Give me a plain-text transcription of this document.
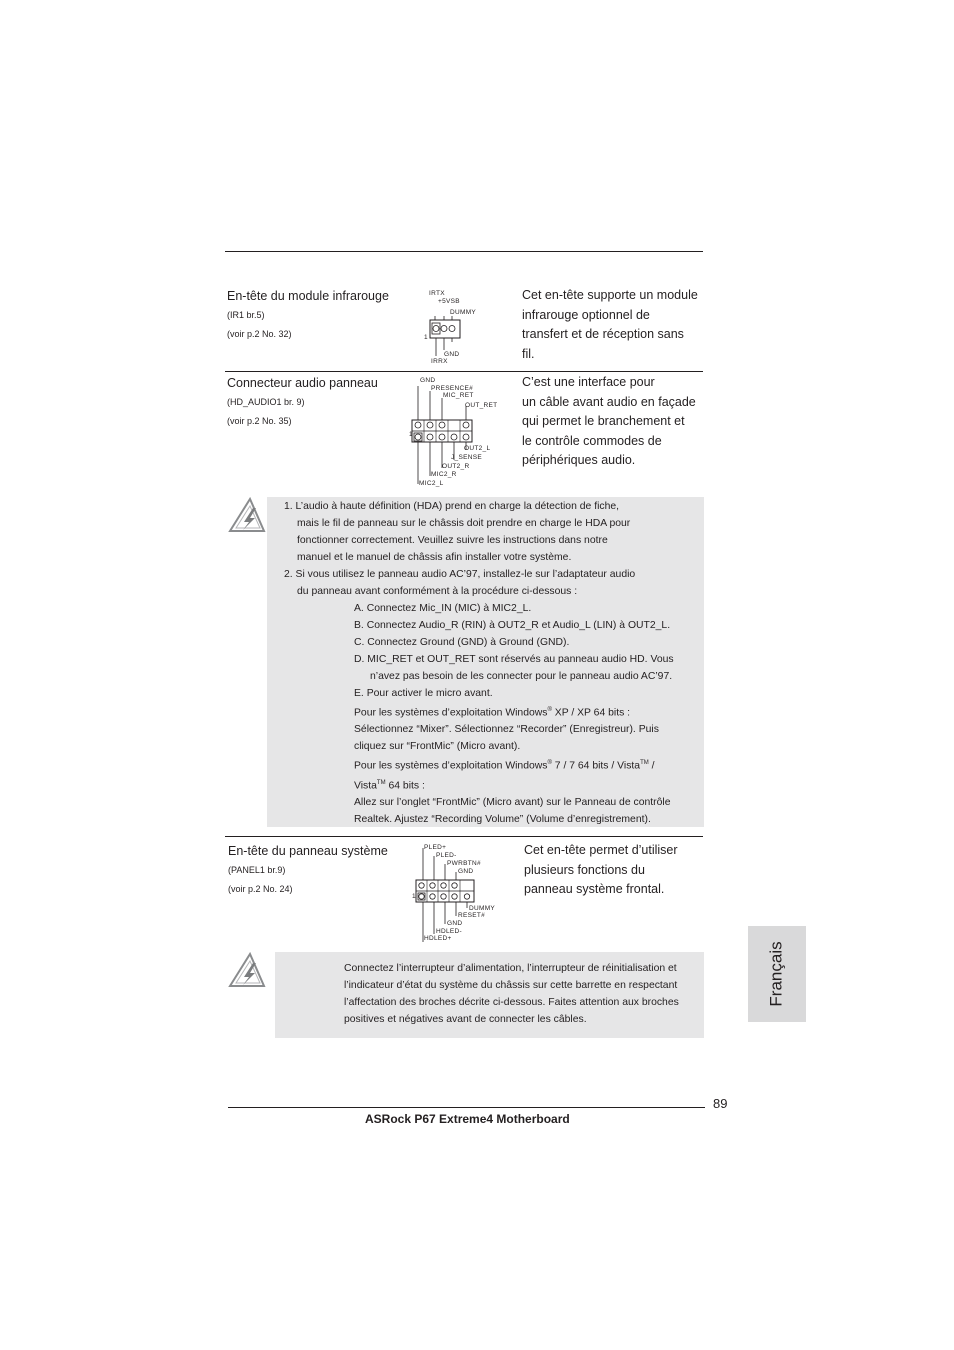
En-tête du module infrarouge
(IR1 br.5)
(voir p.2 No. 32)
IRTX
+5VSB
DUMMY
1
GND
IRRX
Cet en-tête supporte un module
infrarouge optionnel de
transfert et de réception sans
fil.
Connecteur audio panneau
(HD_AUDIO1 br. 9)
(voir p.2 No. 35)
GND
PRESENCE#
MIC_RET
OUT_RET
1
OUT2_L
J_SENSE
OUT2_R
MIC2_R
MIC2_L
C’est une interface pour
un câble avant audio en façade
qui permet le branchement et
le contrôle commodes de
périphériques audio.
1. L’audio à haute définition (HDA) prend en charge la détection de fiche,
mais le fil de panneau sur le châssis doit prendre en charge le HDA pour
fonctionner correctement. Veuillez suivre les instructions dans notre
manuel et le manuel de châssis afin installer votre système.
2. Si vous utilisez le panneau audio AC’97, installez-le sur l’adaptateur audio
du panneau avant conformément à la procédure ci-dessous :
A. Connectez Mic_IN (MIC) à MIC2_L.
B. Connectez Audio_R (RIN) à OUT2_R et Audio_L (LIN) à OUT2_L.
C. Connectez Ground (GND) à Ground (GND).
D. MIC_RET et OUT_RET sont réservés au panneau audio HD. Vous
n’avez pas besoin de les connecter pour le panneau audio AC’97.
E. Pour activer le micro avant.
Pour les systèmes d’exploitation Windows® XP / XP 64 bits :
Sélectionnez “Mixer”. Sélectionnez “Recorder” (Enregistreur). Puis
cliquez sur “FrontMic” (Micro avant).
Pour les systèmes d’exploitation Windows® 7 / 7 64 bits / Vista™ /
Vista™ 64 bits :
Allez sur l’onglet “FrontMic” (Micro avant) sur le Panneau de contrôle
Realtek. Ajustez “Recording Volume” (Volume d’enregistrement).
En-tête du panneau système
(PANEL1 br.9)
(voir p.2 No. 24)
PLED+
PLED-
PWRBTN#
GND
1
DUMMY
RESET#
GND
HDLED-
HDLED+
Cet en-tête permet d’utiliser
plusieurs fonctions du
panneau système frontal.
Connectez l’interrupteur d’alimentation, l’interrupteur de réinitialisation et
l’indicateur d’état du système du châssis sur cette barrette en respectant
l’affectation des broches décrite ci-dessous. Faites attention aux broches
positives et négatives avant de connecter les câbles.
Français
89
ASRock P67 Extreme4 Motherboard
